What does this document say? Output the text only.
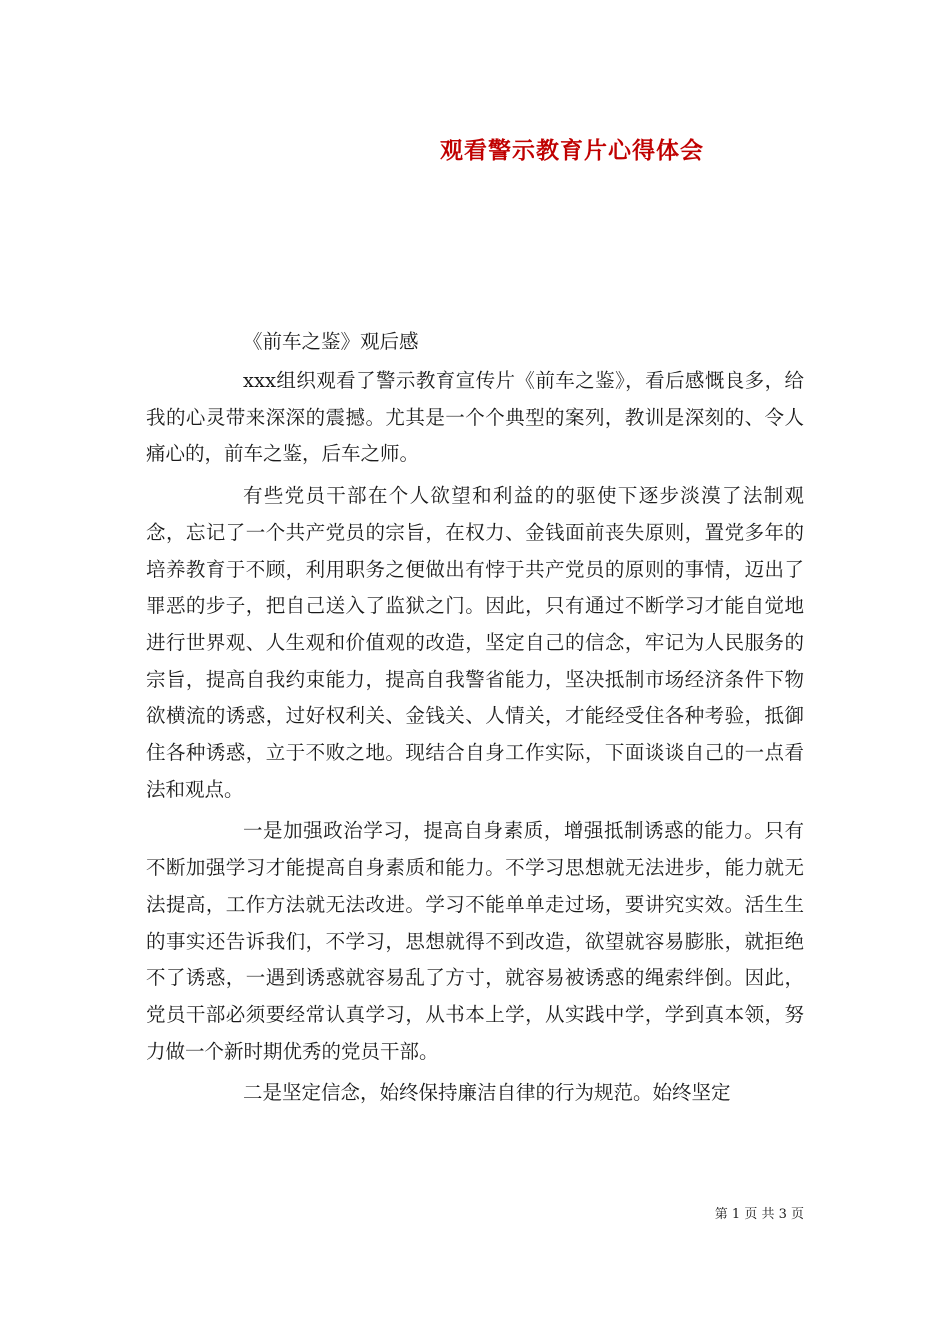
观看警示教育片心得体会
《前车之鉴》观后感

xxx组织观看了警示教育宣传片《前车之鉴》，看后感慨良多，给我的心灵带来深深的震撼。尤其是一个个典型的案列，教训是深刻的、令人痛心的，前车之鉴，后车之师。

有些党员干部在个人欲望和利益的的驱使下逐步淡漠了法制观念，忘记了一个共产党员的宗旨，在权力、金钱面前丧失原则，置党多年的培养教育于不顾，利用职务之便做出有悖于共产党员的原则的事情，迈出了罪恶的步子，把自己送入了监狱之门。因此，只有通过不断学习才能自觉地进行世界观、人生观和价值观的改造，坚定自己的信念，牢记为人民服务的宗旨，提高自我约束能力，提高自我警省能力，坚决抵制市场经济条件下物欲横流的诱惑，过好权利关、金钱关、人情关，才能经受住各种考验，抵御住各种诱惑，立于不败之地。现结合自身工作实际，下面谈谈自己的一点看法和观点。

一是加强政治学习，提高自身素质，增强抵制诱惑的能力。只有不断加强学习才能提高自身素质和能力。不学习思想就无法进步，能力就无法提高，工作方法就无法改进。学习不能单单走过场，要讲究实效。活生生的事实还告诉我们，不学习，思想就得不到改造，欲望就容易膨胀，就拒绝不了诱惑，一遇到诱惑就容易乱了方寸，就容易被诱惑的绳索绊倒。因此，党员干部必须要经常认真学习，从书本上学，从实践中学，学到真本领，努力做一个新时期优秀的党员干部。

二是坚定信念，始终保持廉洁自律的行为规范。始终坚定

第 1 页 共 3 页
